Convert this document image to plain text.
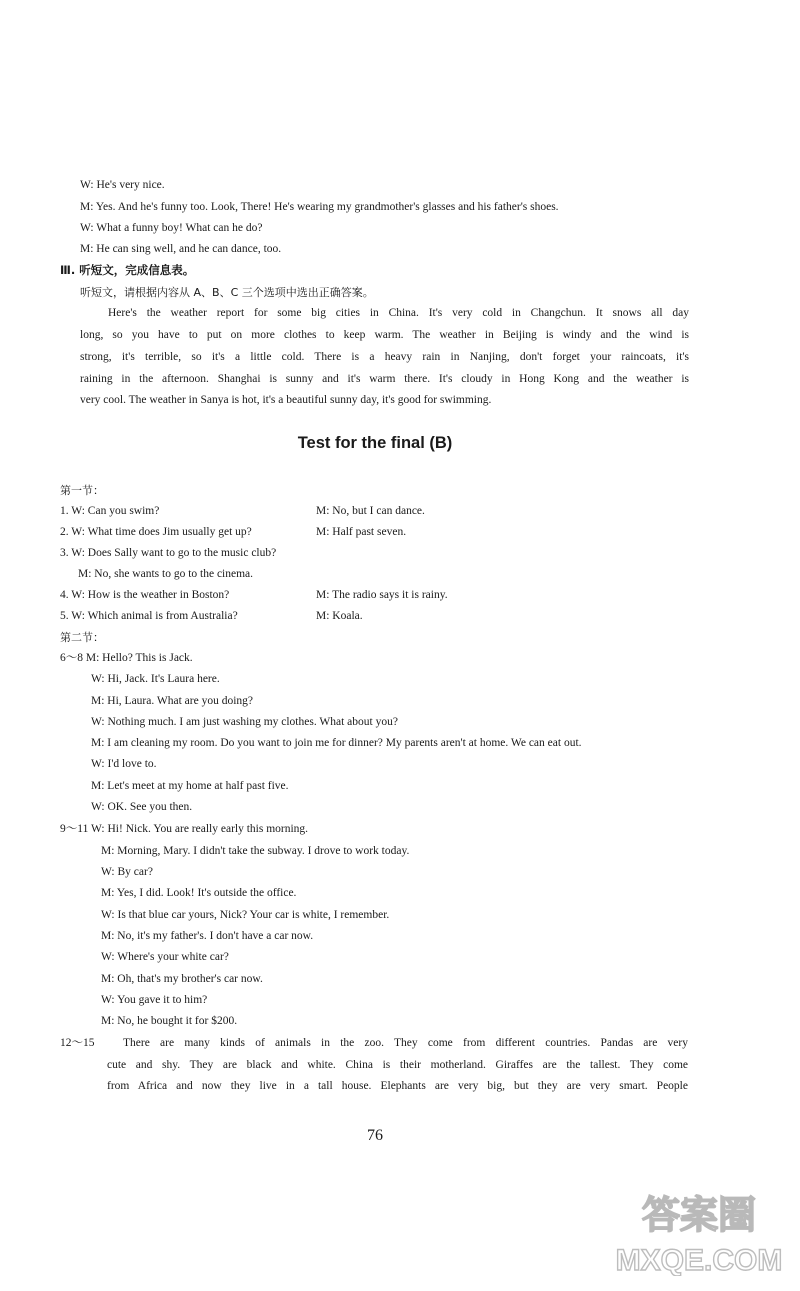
W: He's very nice.
M: Yes. And he's funny too. Look, There! He's wearing my grandmother's glasses and his father's shoes.
W: What a funny boy! What can he do?
M: He can sing well, and he can dance, too.
Ⅲ. 听短文，完成信息表。
听短文，请根据内容从 A、B、C 三个选项中选出正确答案。
Here's the weather report for some big cities in China. It's very cold in Changchun. It snows all day
long, so you have to put on more clothes to keep warm. The weather in Beijing is windy and the wind is
strong, it's terrible, so it's a little cold. There is a heavy rain in Nanjing, don't forget your raincoats, it's
raining in the afternoon. Shanghai is sunny and it's warm there. It's cloudy in Hong Kong and the weather is
very cool. The weather in Sanya is hot, it's a beautiful sunny day, it's good for swimming.
Test for the final (B)
第一节：
1. W: Can you swim?	M: No, but I can dance.
2. W: What time does Jim usually get up?	M: Half past seven.
3. W: Does Sally want to go to the music club?
M: No, she wants to go to the cinema.
4. W: How is the weather in Boston?	M: The radio says it is rainy.
5. W: Which animal is from Australia?	M: Koala.
第二节：
6～8 M: Hello? This is Jack.
W: Hi, Jack. It's Laura here.
M: Hi, Laura. What are you doing?
W: Nothing much. I am just washing my clothes. What about you?
M: I am cleaning my room. Do you want to join me for dinner? My parents aren't at home. We can eat out.
W: I'd love to.
M: Let's meet at my home at half past five.
W: OK. See you then.
9～11 W: Hi! Nick. You are really early this morning.
M: Morning, Mary. I didn't take the subway. I drove to work today.
W: By car?
M: Yes, I did. Look! It's outside the office.
W: Is that blue car yours, Nick? Your car is white, I remember.
M: No, it's my father's. I don't have a car now.
W: Where's your white car?
M: Oh, that's my brother's car now.
W: You gave it to him?
M: No, he bought it for $200.
12～15 There are many kinds of animals in the zoo. They come from different countries. Pandas are very
cute and shy. They are black and white. China is their motherland. Giraffes are the tallest. They come
from Africa and now they live in a tall house. Elephants are very big, but they are very smart. People
76
答案圈
MXQE.COM
